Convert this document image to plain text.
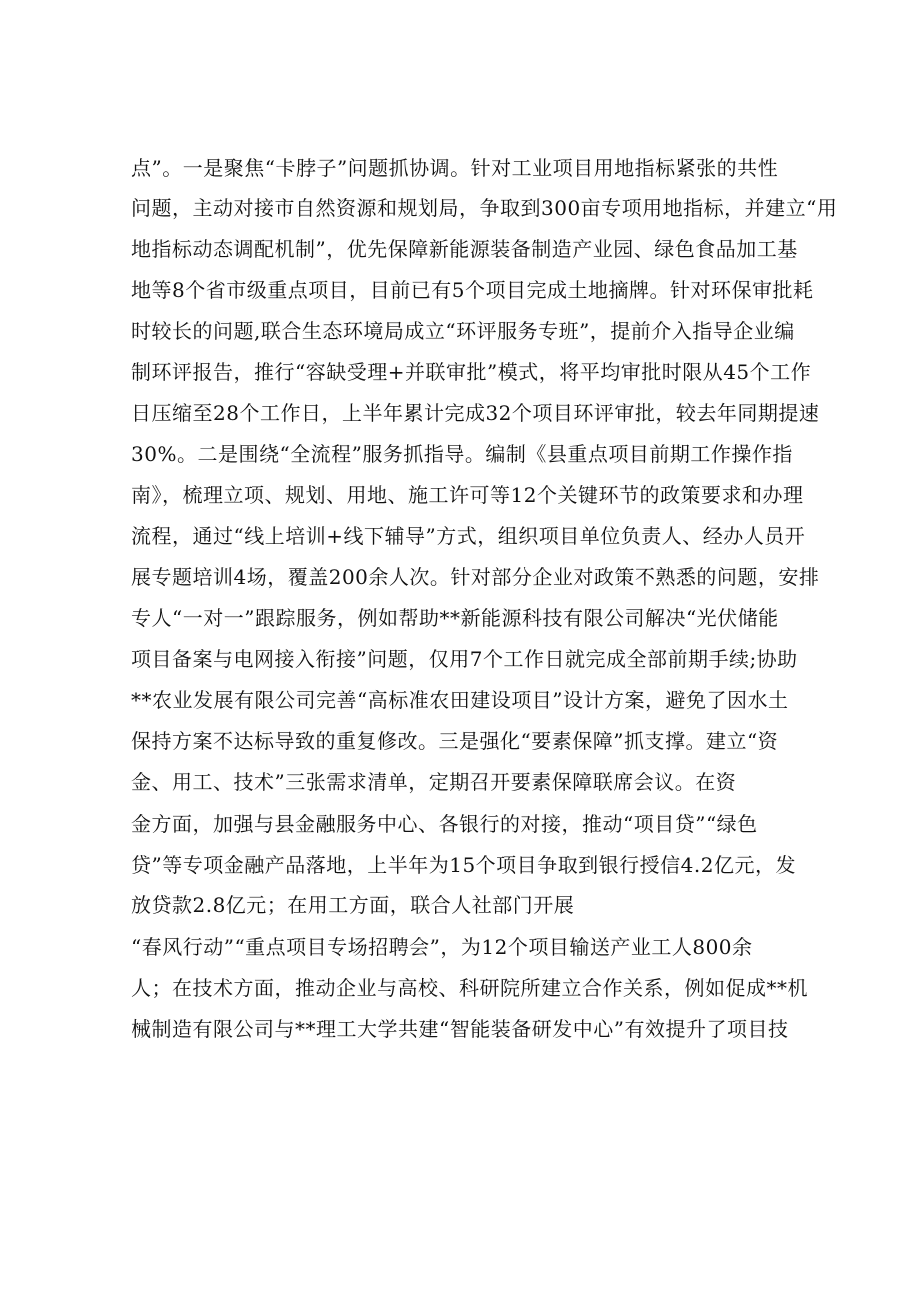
点”。一是聚焦“卡脖子”问题抓协调。针对工业项目用地指标紧张的共性
问题，主动对接市自然资源和规划局，争取到300亩专项用地指标，并建立“用
地指标动态调配机制”，优先保障新能源装备制造产业园、绿色食品加工基
地等8个省市级重点项目，目前已有5个项目完成土地摘牌。针对环保审批耗
时较长的问题,联合生态环境局成立“环评服务专班”，提前介入指导企业编
制环评报告，推行“容缺受理+并联审批”模式，将平均审批时限从45个工作
日压缩至28个工作日，上半年累计完成32个项目环评审批，较去年同期提速
30%。二是围绕“全流程”服务抓指导。编制《县重点项目前期工作操作指
南》，梳理立项、规划、用地、施工许可等12个关键环节的政策要求和办理
流程，通过“线上培训+线下辅导”方式，组织项目单位负责人、经办人员开
展专题培训4场，覆盖200余人次。针对部分企业对政策不熟悉的问题，安排
专人“一对一”跟踪服务，例如帮助**新能源科技有限公司解决“光伏储能
项目备案与电网接入衔接”问题，仅用7个工作日就完成全部前期手续;协助
**农业发展有限公司完善“高标准农田建设项目”设计方案，避免了因水土
保持方案不达标导致的重复修改。三是强化“要素保障”抓支撑。建立“资
金、用工、技术”三张需求清单，定期召开要素保障联席会议。在资
金方面，加强与县金融服务中心、各银行的对接，推动“项目贷”“绿色
贷”等专项金融产品落地，上半年为15个项目争取到银行授信4.2亿元，发
放贷款2.8亿元；在用工方面，联合人社部门开展
“春风行动”“重点项目专场招聘会”，为12个项目输送产业工人800余
人；在技术方面，推动企业与高校、科研院所建立合作关系，例如促成**机
械制造有限公司与**理工大学共建“智能装备研发中心”有效提升了项目技
